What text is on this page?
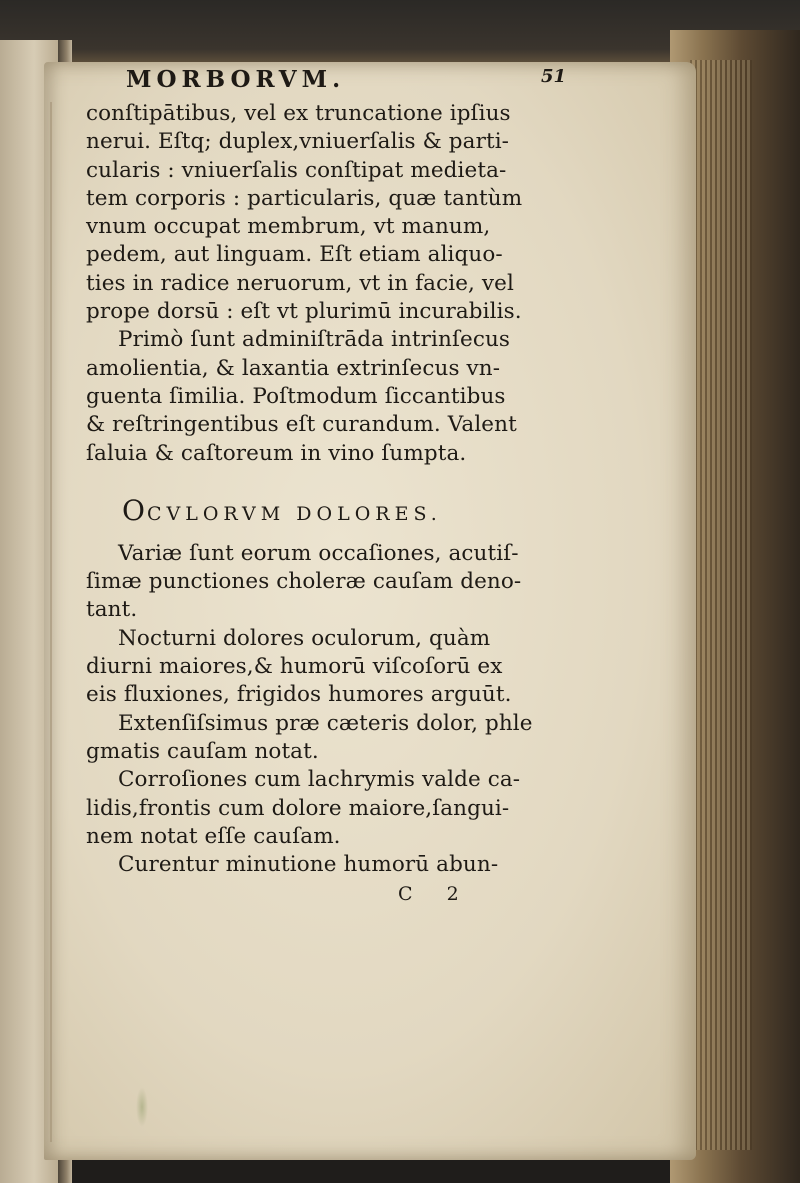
MORBORVM.	51
conſtipātibus, vel ex truncatione ipſius
nerui. Eſtq; duplex,vniuerſalis & parti-
cularis : vniuerſalis conſtipat medieta-
tem corporis : particularis, quæ tantùm
vnum occupat membrum, vt manum,
pedem, aut linguam. Eſt etiam aliquo-
ties in radice neruorum, vt in facie, vel
prope dorsū : eſt vt plurimū incurabilis.
Primò ſunt adminiſtrāda intrinſecus
amolientia, & laxantia extrinſecus vn-
guenta ſimilia. Poſtmodum ſiccantibus
& reſtringentibus eſt curandum. Valent
ſaluia & caſtoreum in vino ſumpta.
OCVLORVM DOLORES.
Variæ ſunt eorum occaſiones, acutiſ-
ſimæ punctiones choleræ cauſam deno-
tant.
Nocturni dolores oculorum, quàm
diurni maiores,& humorū viſcoſorū ex
eis fluxiones, frigidos humores arguūt.
Extenſiſsimus præ cæteris dolor, phle
gmatis cauſam notat.
Corroſiones cum lachrymis valde ca-
lidis,frontis cum dolore maiore,ſangui-
nem notat eſſe cauſam.
Curentur minutione humorū abun-
C 2
